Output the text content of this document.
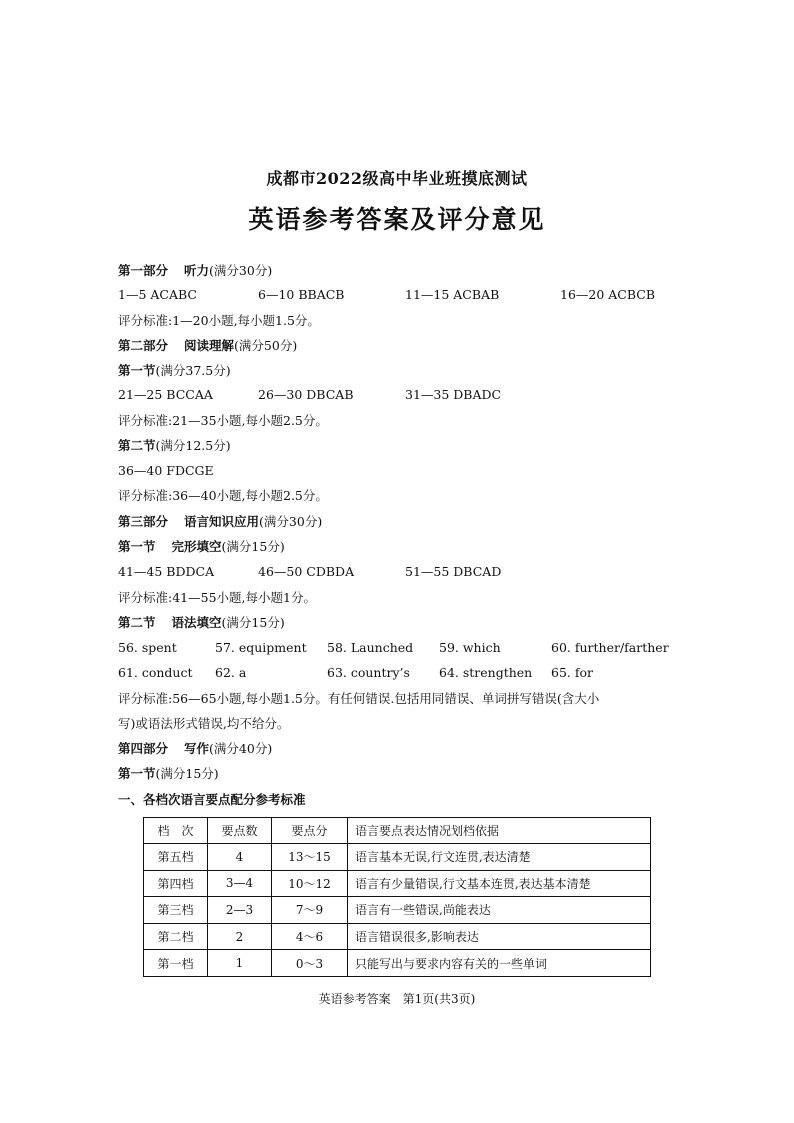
成都市2022级高中毕业班摸底测试
英语参考答案及评分意见
第一部分 听力(满分30分)
1—5 ACABC	6—10 BBACB	11—15 ACBAB	16—20 ACBCB
评分标准:1—20小题,每小题1.5分。
第二部分 阅读理解(满分50分)
第一节(满分37.5分)
21—25 BCCAA	26—30 DBCAB	31—35 DBADC
评分标准:21—35小题,每小题2.5分。
第二节(满分12.5分)
36—40 FDCGE
评分标准:36—40小题,每小题2.5分。
第三部分 语言知识应用(满分30分)
第一节 完形填空(满分15分)
41—45 BDDCA	46—50 CDBDA	51—55 DBCAD
评分标准:41—55小题,每小题1分。
第二节 语法填空(满分15分)
56. spent	57. equipment 58. Launched 59. which	60. further/farther
61. conduct 62. a	63. country’s 64. strengthen 65. for
评分标准:56—65小题,每小题1.5分。有任何错误.包括用同错误、单词拼写错误(含大小
写)或语法形式错误,均不给分。
第四部分 写作(满分40分)
第一节(满分15分)
一、各档次语言要点配分参考标准
档　次	要点数	要点分	语言要点表达情况划档依据
第五档	4	13～15	语言基本无误,行文连贯,表达清楚
第四档	3—4	10～12	语言有少量错误,行文基本连贯,表达基本清楚
第三档	2—3	7～9	语言有一些错误,尚能表达
第二档	2	4～6	语言错误很多,影响表达
第一档	1	0～3	只能写出与要求内容有关的一些单词
英语参考答案　第1页(共3页)
